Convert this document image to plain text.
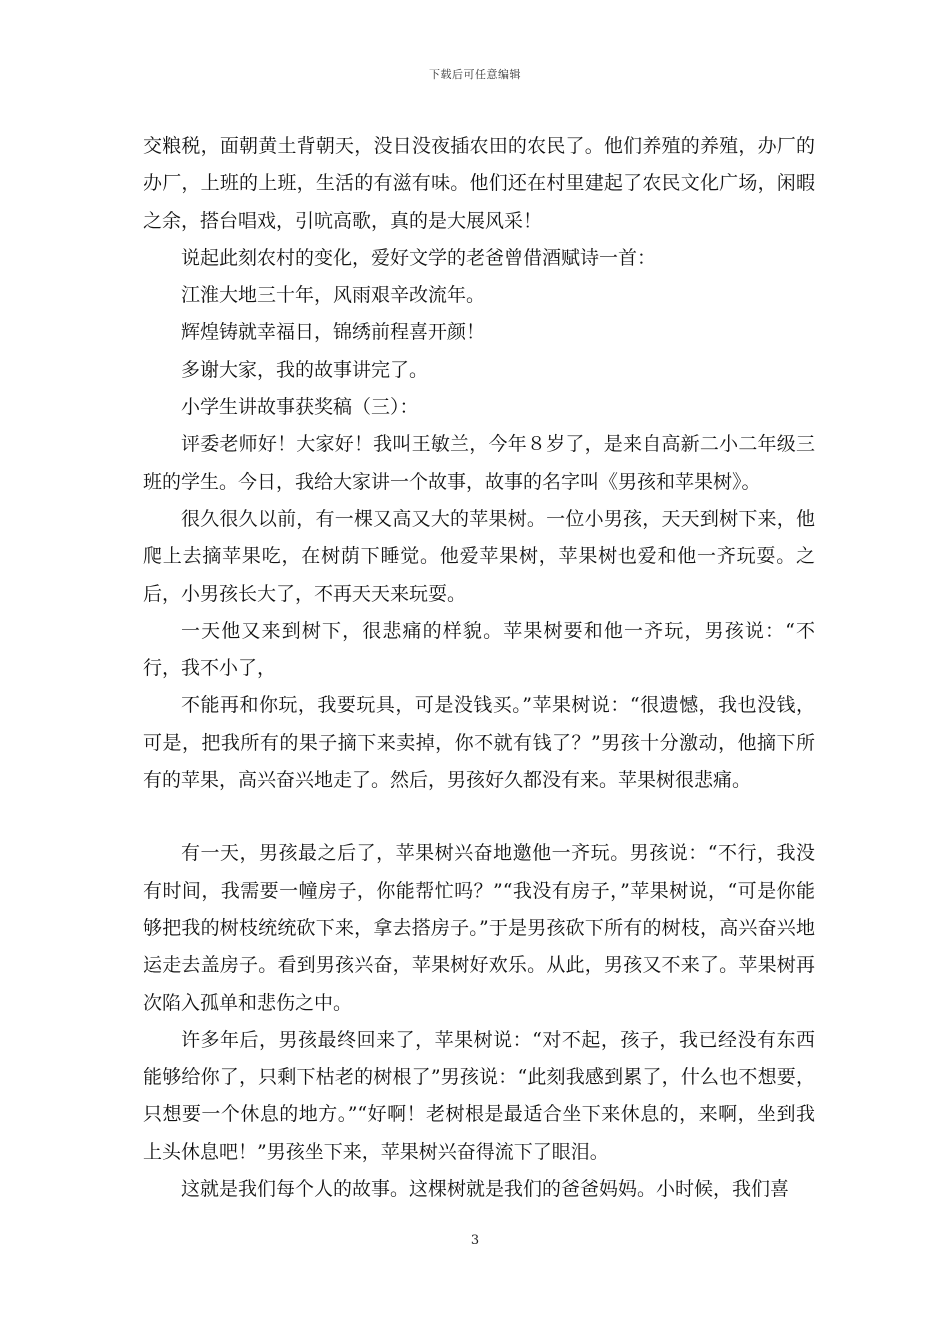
下载后可任意编辑

交粮税，面朝黄土背朝天，没日没夜插农田的农民了。他们养殖的养殖，办厂的办厂，上班的上班，生活的有滋有味。他们还在村里建起了农民文化广场，闲暇之余，搭台唱戏，引吭高歌，真的是大展风采！

说起此刻农村的变化，爱好文学的老爸曾借酒赋诗一首：

江淮大地三十年，风雨艰辛改流年。

辉煌铸就幸福日，锦绣前程喜开颜！

多谢大家，我的故事讲完了。

小学生讲故事获奖稿（三）：

评委老师好！大家好！我叫王敏兰，今年８岁了，是来自高新二小二年级三班的学生。今日，我给大家讲一个故事，故事的名字叫《男孩和苹果树》。

很久很久以前，有一棵又高又大的苹果树。一位小男孩，天天到树下来，他爬上去摘苹果吃，在树荫下睡觉。他爱苹果树，苹果树也爱和他一齐玩耍。之后，小男孩长大了，不再天天来玩耍。

一天他又来到树下，很悲痛的样貌。苹果树要和他一齐玩，男孩说：“不行，我不小了，

不能再和你玩，我要玩具，可是没钱买。”苹果树说：“很遗憾，我也没钱，可是，把我所有的果子摘下来卖掉，你不就有钱了？”男孩十分激动，他摘下所有的苹果，高兴奋兴地走了。然后，男孩好久都没有来。苹果树很悲痛。

有一天，男孩最之后了，苹果树兴奋地邀他一齐玩。男孩说：“不行，我没有时间，我需要一幢房子，你能帮忙吗？”“我没有房子，”苹果树说，“可是你能够把我的树枝统统砍下来，拿去搭房子。”于是男孩砍下所有的树枝，高兴奋兴地运走去盖房子。看到男孩兴奋，苹果树好欢乐。从此，男孩又不来了。苹果树再次陷入孤单和悲伤之中。

许多年后，男孩最终回来了，苹果树说：“对不起，孩子，我已经没有东西能够给你了，只剩下枯老的树根了”男孩说：“此刻我感到累了，什么也不想要，只想要一个休息的地方。”“好啊！老树根是最适合坐下来休息的，来啊，坐到我上头休息吧！”男孩坐下来，苹果树兴奋得流下了眼泪。

这就是我们每个人的故事。这棵树就是我们的爸爸妈妈。小时候，我们喜

3
